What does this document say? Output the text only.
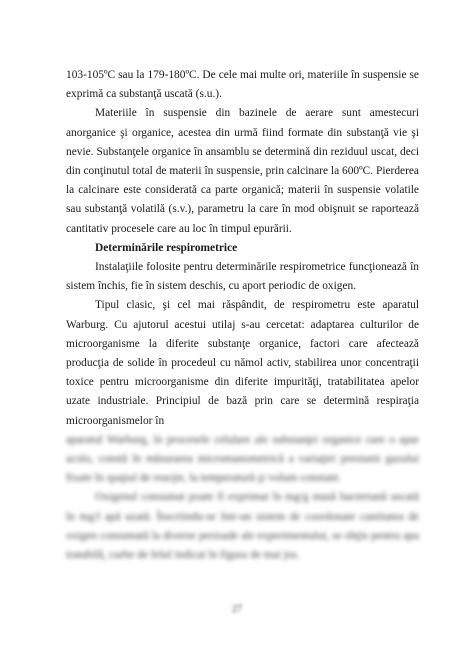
103-105ºC sau la 179-180ºC. De cele mai multe ori, materiile în suspensie se exprimă ca substanţă uscată (s.u.).

Materiile în suspensie din bazinele de aerare sunt amestecuri anorganice şi organice, acestea din urmă fiind formate din substanţă vie şi nevie. Substanţele organice în ansamblu se determină din reziduul uscat, deci din conţinutul total de materii în suspensie, prin calcinare la 600ºC. Pierderea la calcinare este considerată ca parte organică; materii în suspensie volatile sau substanţă volatilă (s.v.), parametru la care în mod obişnuit se raportează cantitativ procesele care au loc în timpul epurării.

Determinările respirometrice

Instalaţiile folosite pentru determinările respirometrice funcţionează în sistem închis, fie în sistem deschis, cu aport periodic de oxigen.

Tipul clasic, şi cel mai răspândit, de respirometru este aparatul Warburg. Cu ajutorul acestui utilaj s-au cercetat: adaptarea culturilor de microorganisme la diferite substanţe organice, factori care afectează producţia de solide în procedeul cu nămol activ, stabilirea unor concentraţii toxice pentru microorganisme din diferite impurităţi, tratabilitatea apelor uzate industriale. Principiul de bază prin care se determină respiraţia microorganismelor în

aparatul Warburg, în procesele celulare ale substanţei organice care o apar acolo, constă în măsurarea micromanometrică a variaţiei presiunii gazului fixate în spaţiul de reacţie, la temperatură şi volum constant.

Oxigenul consumat poate fi exprimat în mg/g masă bacteriană uscată în mg/l apă uzată. Înscriindu-se într-un sistem de coordonate cantitatea de oxigen consumată la diverse perioade ale experimentului, se obţin pentru apa tratabilă, curbe de felul indicat în figura de mai jos.

27
